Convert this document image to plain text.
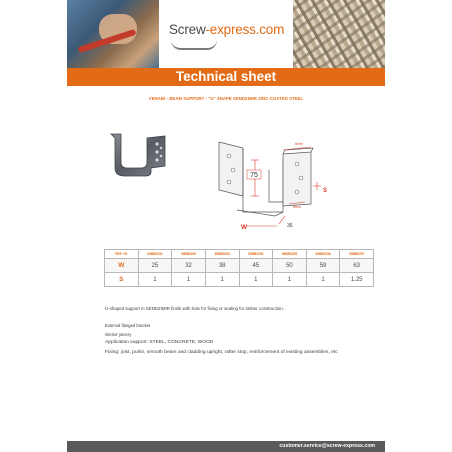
Screw-express.com
Technical sheet
VENABI - BEAM SUPPORT - "U" SHAPE SENDZIMIR ZINC-COATED STEEL
75
6mm
S
6mm
W	36
REF. VS	90BB0250	90BB0252	90BB0253	90BB0254	90BB0255	90BB0256	90BB0257
W	25	32	38	45	50	59	63
S	1	1	1	1	1	1	1.25
U-shaped support in SENDZIMIR finish with hole for fixing or sealing for timber construction.
External flanged bracket
interior joinery
Application support: STEEL, CONCRETE, WOOD
Fixing: joist, purlin, smooth beam and cladding upright, rafter stop, reinforcement of existing assemblies, etc
customer.service@screw-express.com
